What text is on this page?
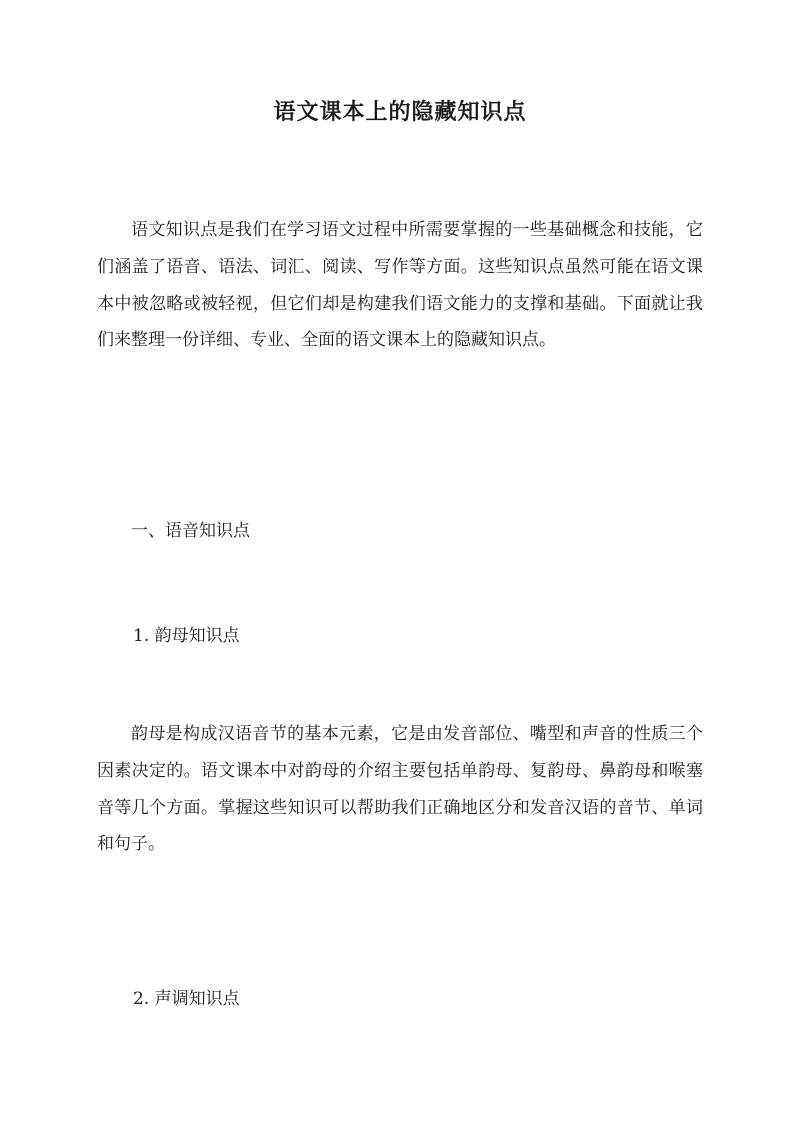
语文课本上的隐藏知识点

语文知识点是我们在学习语文过程中所需要掌握的一些基础概念和技能，它们涵盖了语音、语法、词汇、阅读、写作等方面。这些知识点虽然可能在语文课本中被忽略或被轻视，但它们却是构建我们语文能力的支撑和基础。下面就让我们来整理一份详细、专业、全面的语文课本上的隐藏知识点。

一、语音知识点
1. 韵母知识点

韵母是构成汉语音节的基本元素，它是由发音部位、嘴型和声音的性质三个因素决定的。语文课本中对韵母的介绍主要包括单韵母、复韵母、鼻韵母和喉塞音等几个方面。掌握这些知识可以帮助我们正确地区分和发音汉语的音节、单词和句子。

2. 声调知识点
